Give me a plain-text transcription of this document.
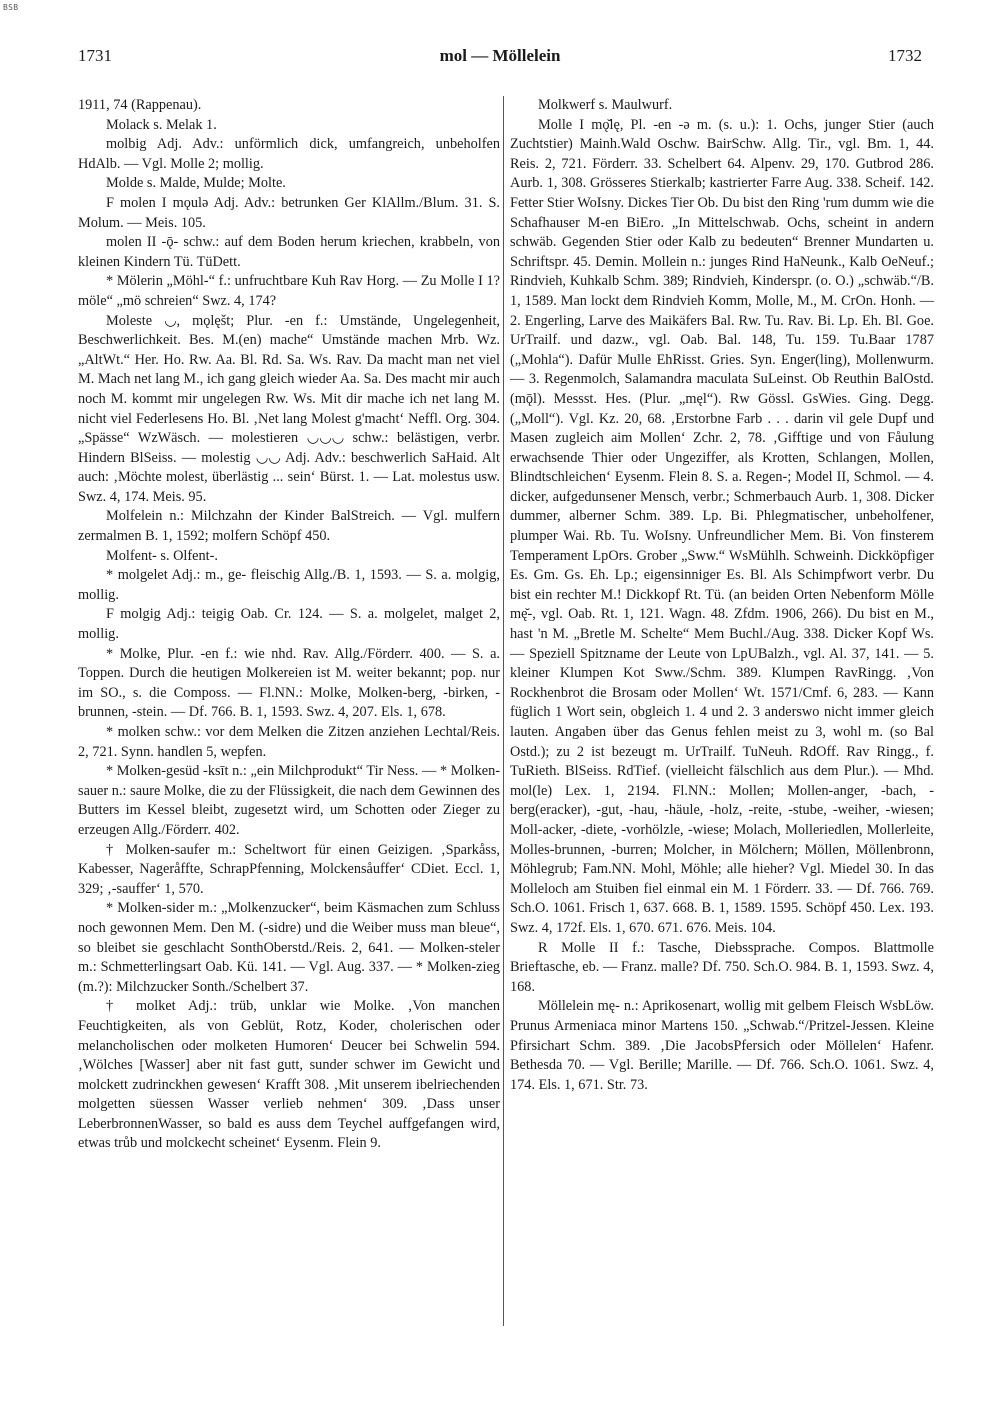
BSB
1731	mol — Möllelein	1732

1911, 74 (Rappenau).

Molack s. Melak 1.

molbig Adj. Adv.: unförmlich dick, umfangreich, unbeholfen HdAlb. — Vgl. Molle 2; mollig.

Molde s. Malde, Mulde; Molte.

F molen I mǫulə Adj. Adv.: betrunken Ger KlAllm./Blum. 31. S. Molum. — Meis. 105.

molen II -ǭ- schw.: auf dem Boden herum kriechen, krabbeln, von kleinen Kindern Tü. TüDett.

* Mölerin „Möhl-“ f.: unfruchtbare Kuh Rav Horg. — Zu Molle I 1? möle“ „mö schreien“ Swz. 4, 174?

Moleste ◡, mǫlęšt; Plur. -en f.: Umstände, Ungelegenheit, Beschwerlichkeit. Bes. M.(en) mache“ Umstände machen Mrb. Wz. „AltWt.“ Her. Ho. Rw. Aa. Bl. Rd. Sa. Ws. Rav. Da macht man net viel M. Mach net lang M., ich gang gleich wieder Aa. Sa. Des macht mir auch noch M. kommt mir ungelegen Rw. Ws. Mit dir mache ich net lang M. nicht viel Federlesens Ho. Bl. ‚Net lang Molest g'macht‘ Neffl. Org. 304. „Spässe“ WzWäsch. — molestieren ◡◡◡ schw.: belästigen, verbr. Hindern BlSeiss. — molestig ◡◡ Adj. Adv.: beschwerlich SaHaid. Alt auch: ‚Möchte molest, überlästig ... sein‘ Bürst. 1. — Lat. molestus usw. Swz. 4, 174. Meis. 95.

Molfelein n.: Milchzahn der Kinder BalStreich. — Vgl. mulfern zermalmen B. 1, 1592; molfern Schöpf 450.

Molfent- s. Olfent-.

* molgelet Adj.: m., ge- fleischig Allg./B. 1, 1593. — S. a. molgig, mollig.

F molgig Adj.: teigig Oab. Cr. 124. — S. a. molgelet, malget 2, mollig.

* Molke, Plur. -en f.: wie nhd. Rav. Allg./Förderr. 400. — S. a. Toppen. Durch die heutigen Molkereien ist M. weiter bekannt; pop. nur im SO., s. die Composs. — Fl.NN.: Molke, Molken-berg, -birken, -brunnen, -stein. — Df. 766. B. 1, 1593. Swz. 4, 207. Els. 1, 678.

* molken schw.: vor dem Melken die Zitzen anziehen Lechtal/Reis. 2, 721. Synn. handlen 5, wepfen.

* Molken-gesüd -ksīt n.: „ein Milchprodukt“ Tir Ness. — * Molken-sauer n.: saure Molke, die zu der Flüssigkeit, die nach dem Gewinnen des Butters im Kessel bleibt, zugesetzt wird, um Schotten oder Zieger zu erzeugen Allg./Förderr. 402.

† Molken-saufer m.: Scheltwort für einen Geizigen. ‚Sparkåss, Kabesser, Nageråffte, SchrapPfenning, Molckensåuffer‘ CDiet. Eccl. 1, 329; ‚-sauffer‘ 1, 570.

* Molken-sider m.: „Molkenzucker“, beim Käsmachen zum Schluss noch gewonnen Mem. Den M. (-sidre) und die Weiber muss man bleue“, so bleibet sie geschlacht SonthOberstd./Reis. 2, 641. — Molken-steler m.: Schmetterlingsart Oab. Kü. 141. — Vgl. Aug. 337. — * Molken-zieg (m.?): Milchzucker Sonth./Schelbert 37.

† molket Adj.: trüb, unklar wie Molke. ‚Von manchen Feuchtigkeiten, als von Geblüt, Rotz, Koder, cholerischen oder melancholischen oder molketen Humoren‘ Deucer bei Schwelin 594. ‚Wölches [Wasser] aber nit fast gutt, sunder schwer im Gewicht und molckett zudrinckhen gewesen‘ Krafft 308. ‚Mit unserem ibelriechenden molgetten süessen Wasser verlieb nehmen‘ 309. ‚Dass unser LeberbronnenWasser, so bald es auss dem Teychel auffgefangen wird, etwas trůb und molckecht scheinet‘ Eysenm. Flein 9.

Molkwerf s. Maulwurf.

Molle I mǫ̆lę, Pl. -en -ə m. (s. u.): 1. Ochs, junger Stier (auch Zuchtstier) Mainh.Wald Oschw. BairSchw. Allg. Tir., vgl. Bm. 1, 44. Reis. 2, 721. Förderr. 33. Schelbert 64. Alpenv. 29, 170. Gutbrod 286. Aurb. 1, 308. Grösseres Stierkalb; kastrierter Farre Aug. 338. Scheif. 142. Fetter Stier WoIsny. Dickes Tier Ob. Du bist den Ring 'rum dumm wie die Schafhauser M-en BiEro. „In Mittelschwab. Ochs, scheint in andern schwäb. Gegenden Stier oder Kalb zu bedeuten“ Brenner Mundarten u. Schriftspr. 45. Demin. Mollein n.: junges Rind HaNeunk., Kalb OeNeuf.; Rindvieh, Kuhkalb Schm. 389; Rindvieh, Kinderspr. (o. O.) „schwäb.“/B. 1, 1589. Man lockt dem Rindvieh Komm, Molle, M., M. CrOn. Honh. — 2. Engerling, Larve des Maikäfers Bal. Rw. Tu. Rav. Bi. Lp. Eh. Bl. Goe. UrTrailf. und dazw., vgl. Oab. Bal. 148, Tu. 159. Tu.Baar 1787 („Mohla“). Dafür Mulle EhRisst. Gries. Syn. Enger(ling), Mollenwurm. — 3. Regenmolch, Salamandra maculata SuLeinst. Ob Reuthin BalOstd. (mǭl). Messst. Hes. (Plur. „męl“). Rw Gössl. GsWies. Ging. Degg. („Moll“). Vgl. Kz. 20, 68. ‚Erstorbne Farb . . . darin vil gele Dupf und Masen zugleich aim Mollen‘ Zchr. 2, 78. ‚Gifftige und von Fåulung erwachsende Thier oder Ungeziffer, als Krotten, Schlangen, Mollen, Blindtschleichen‘ Eysenm. Flein 8. S. a. Regen-; Model II, Schmol. — 4. dicker, aufgedunsener Mensch, verbr.; Schmerbauch Aurb. 1, 308. Dicker dummer, alberner Schm. 389. Lp. Bi. Phlegmatischer, unbeholfener, plumper Wai. Rb. Tu. WoIsny. Unfreundlicher Mem. Bi. Von finsterem Temperament LpOrs. Grober „Sww.“ WsMühlh. Schweinh. Dickköpfiger Es. Gm. Gs. Eh. Lp.; eigensinniger Es. Bl. Als Schimpfwort verbr. Du bist ein rechter M.! Dickkopf Rt. Tü. (an beiden Orten Nebenform Mölle mę̆-, vgl. Oab. Rt. 1, 121. Wagn. 48. Zfdm. 1906, 266). Du bist en M., hast 'n M. „Bretle M. Schelte“ Mem Buchl./Aug. 338. Dicker Kopf Ws. — Speziell Spitzname der Leute von LpUBalzh., vgl. Al. 37, 141. — 5. kleiner Klumpen Kot Sww./Schm. 389. Klumpen RavRingg. ‚Von Rockhenbrot die Brosam oder Mollen‘ Wt. 1571/Cmf. 6, 283. — Kann füglich 1 Wort sein, obgleich 1. 4 und 2. 3 anderswo nicht immer gleich lauten. Angaben über das Genus fehlen meist zu 3, wohl m. (so Bal Ostd.); zu 2 ist bezeugt m. UrTrailf. TuNeuh. RdOff. Rav Ringg., f. TuRieth. BlSeiss. RdTief. (vielleicht fälschlich aus dem Plur.). — Mhd. mol(le) Lex. 1, 2194. Fl.NN.: Mollen; Mollen-anger, -bach, -berg(eracker), -gut, -hau, -häule, -holz, -reite, -stube, -weiher, -wiesen; Moll-acker, -diete, -vorhölzle, -wiese; Molach, Molleriedlen, Mollerleite, Molles-brunnen, -burren; Molcher, in Mölchern; Möllen, Möllenbronn, Möhlegrub; Fam.NN. Mohl, Möhle; alle hieher? Vgl. Miedel 30. In das Molleloch am Stuiben fiel einmal ein M. 1 Förderr. 33. — Df. 766. 769. Sch.O. 1061. Frisch 1, 637. 668. B. 1, 1589. 1595. Schöpf 450. Lex. 193. Swz. 4, 172f. Els. 1, 670. 671. 676. Meis. 104.

R Molle II f.: Tasche, Diebssprache. Compos. Blattmolle Brieftasche, eb. — Franz. malle? Df. 750. Sch.O. 984. B. 1, 1593. Swz. 4, 168.

Möllelein mę- n.: Aprikosenart, wollig mit gelbem Fleisch WsbLöw. Prunus Armeniaca minor Martens 150. „Schwab.“/Pritzel-Jessen. Kleine Pfirsichart Schm. 389. ‚Die JacobsPfersich oder Möllelen‘ Hafenr. Bethesda 70. — Vgl. Berille; Marille. — Df. 766. Sch.O. 1061. Swz. 4, 174. Els. 1, 671. Str. 73.
